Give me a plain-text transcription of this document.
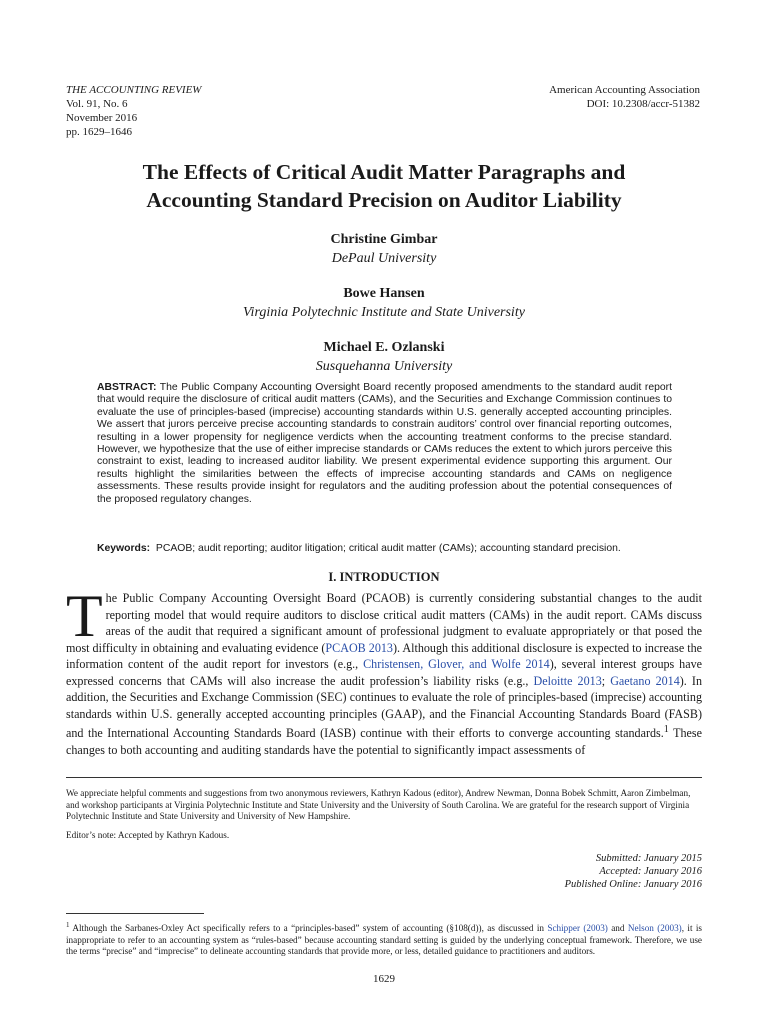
THE ACCOUNTING REVIEW
Vol. 91, No. 6
November 2016
pp. 1629–1646
American Accounting Association
DOI: 10.2308/accr-51382
The Effects of Critical Audit Matter Paragraphs and
Accounting Standard Precision on Auditor Liability
Christine Gimbar
DePaul University
Bowe Hansen
Virginia Polytechnic Institute and State University
Michael E. Ozlanski
Susquehanna University
ABSTRACT: The Public Company Accounting Oversight Board recently proposed amendments to the standard audit report that would require the disclosure of critical audit matters (CAMs), and the Securities and Exchange Commission continues to evaluate the use of principles-based (imprecise) accounting standards within U.S. generally accepted accounting principles. We assert that jurors perceive precise accounting standards to constrain auditors’ control over financial reporting outcomes, resulting in a lower propensity for negligence verdicts when the accounting treatment conforms to the precise standard. However, we hypothesize that the use of either imprecise standards or CAMs reduces the extent to which jurors perceive this constraint to exist, leading to increased auditor liability. We present experimental evidence supporting this argument. Our results highlight the similarities between the effects of imprecise accounting standards and CAMs on negligence assessments. These results provide insight for regulators and the auditing profession about the potential consequences of the proposed regulatory changes.
Keywords: PCAOB; audit reporting; auditor litigation; critical audit matter (CAMs); accounting standard precision.
I. INTRODUCTION
The Public Company Accounting Oversight Board (PCAOB) is currently considering substantial changes to the audit reporting model that would require auditors to disclose critical audit matters (CAMs) in the audit report. CAMs discuss areas of the audit that required a significant amount of professional judgment to evaluate appropriately or that posed the most difficulty in obtaining and evaluating evidence (PCAOB 2013). Although this additional disclosure is expected to increase the information content of the audit report for investors (e.g., Christensen, Glover, and Wolfe 2014), several interest groups have expressed concerns that CAMs will also increase the audit profession’s liability risks (e.g., Deloitte 2013; Gaetano 2014). In addition, the Securities and Exchange Commission (SEC) continues to evaluate the role of principles-based (imprecise) accounting standards within U.S. generally accepted accounting principles (GAAP), and the Financial Accounting Standards Board (FASB) and the International Accounting Standards Board (IASB) continue with their efforts to converge accounting standards.$^1$ These changes to both accounting and auditing standards have the potential to significantly impact assessments of
We appreciate helpful comments and suggestions from two anonymous reviewers, Kathryn Kadous (editor), Andrew Newman, Donna Bobek Schmitt, Aaron Zimbelman, and workshop participants at Virginia Polytechnic Institute and State University and the University of South Carolina. We are grateful for the research support of Virginia Polytechnic Institute and State University and University of New Hampshire.
Editor’s note: Accepted by Kathryn Kadous.
Submitted: January 2015
Accepted: January 2016
Published Online: January 2016
$^1$ Although the Sarbanes-Oxley Act specifically refers to a “principles-based” system of accounting (§108(d)), as discussed in Schipper (2003) and Nelson (2003), it is inappropriate to refer to an accounting system as “rules-based” because accounting standard setting is guided by the underlying conceptual framework. Therefore, we use the terms “precise” and “imprecise” to delineate accounting standards that provide more, or less, detailed guidance to practitioners and auditors.
1629
